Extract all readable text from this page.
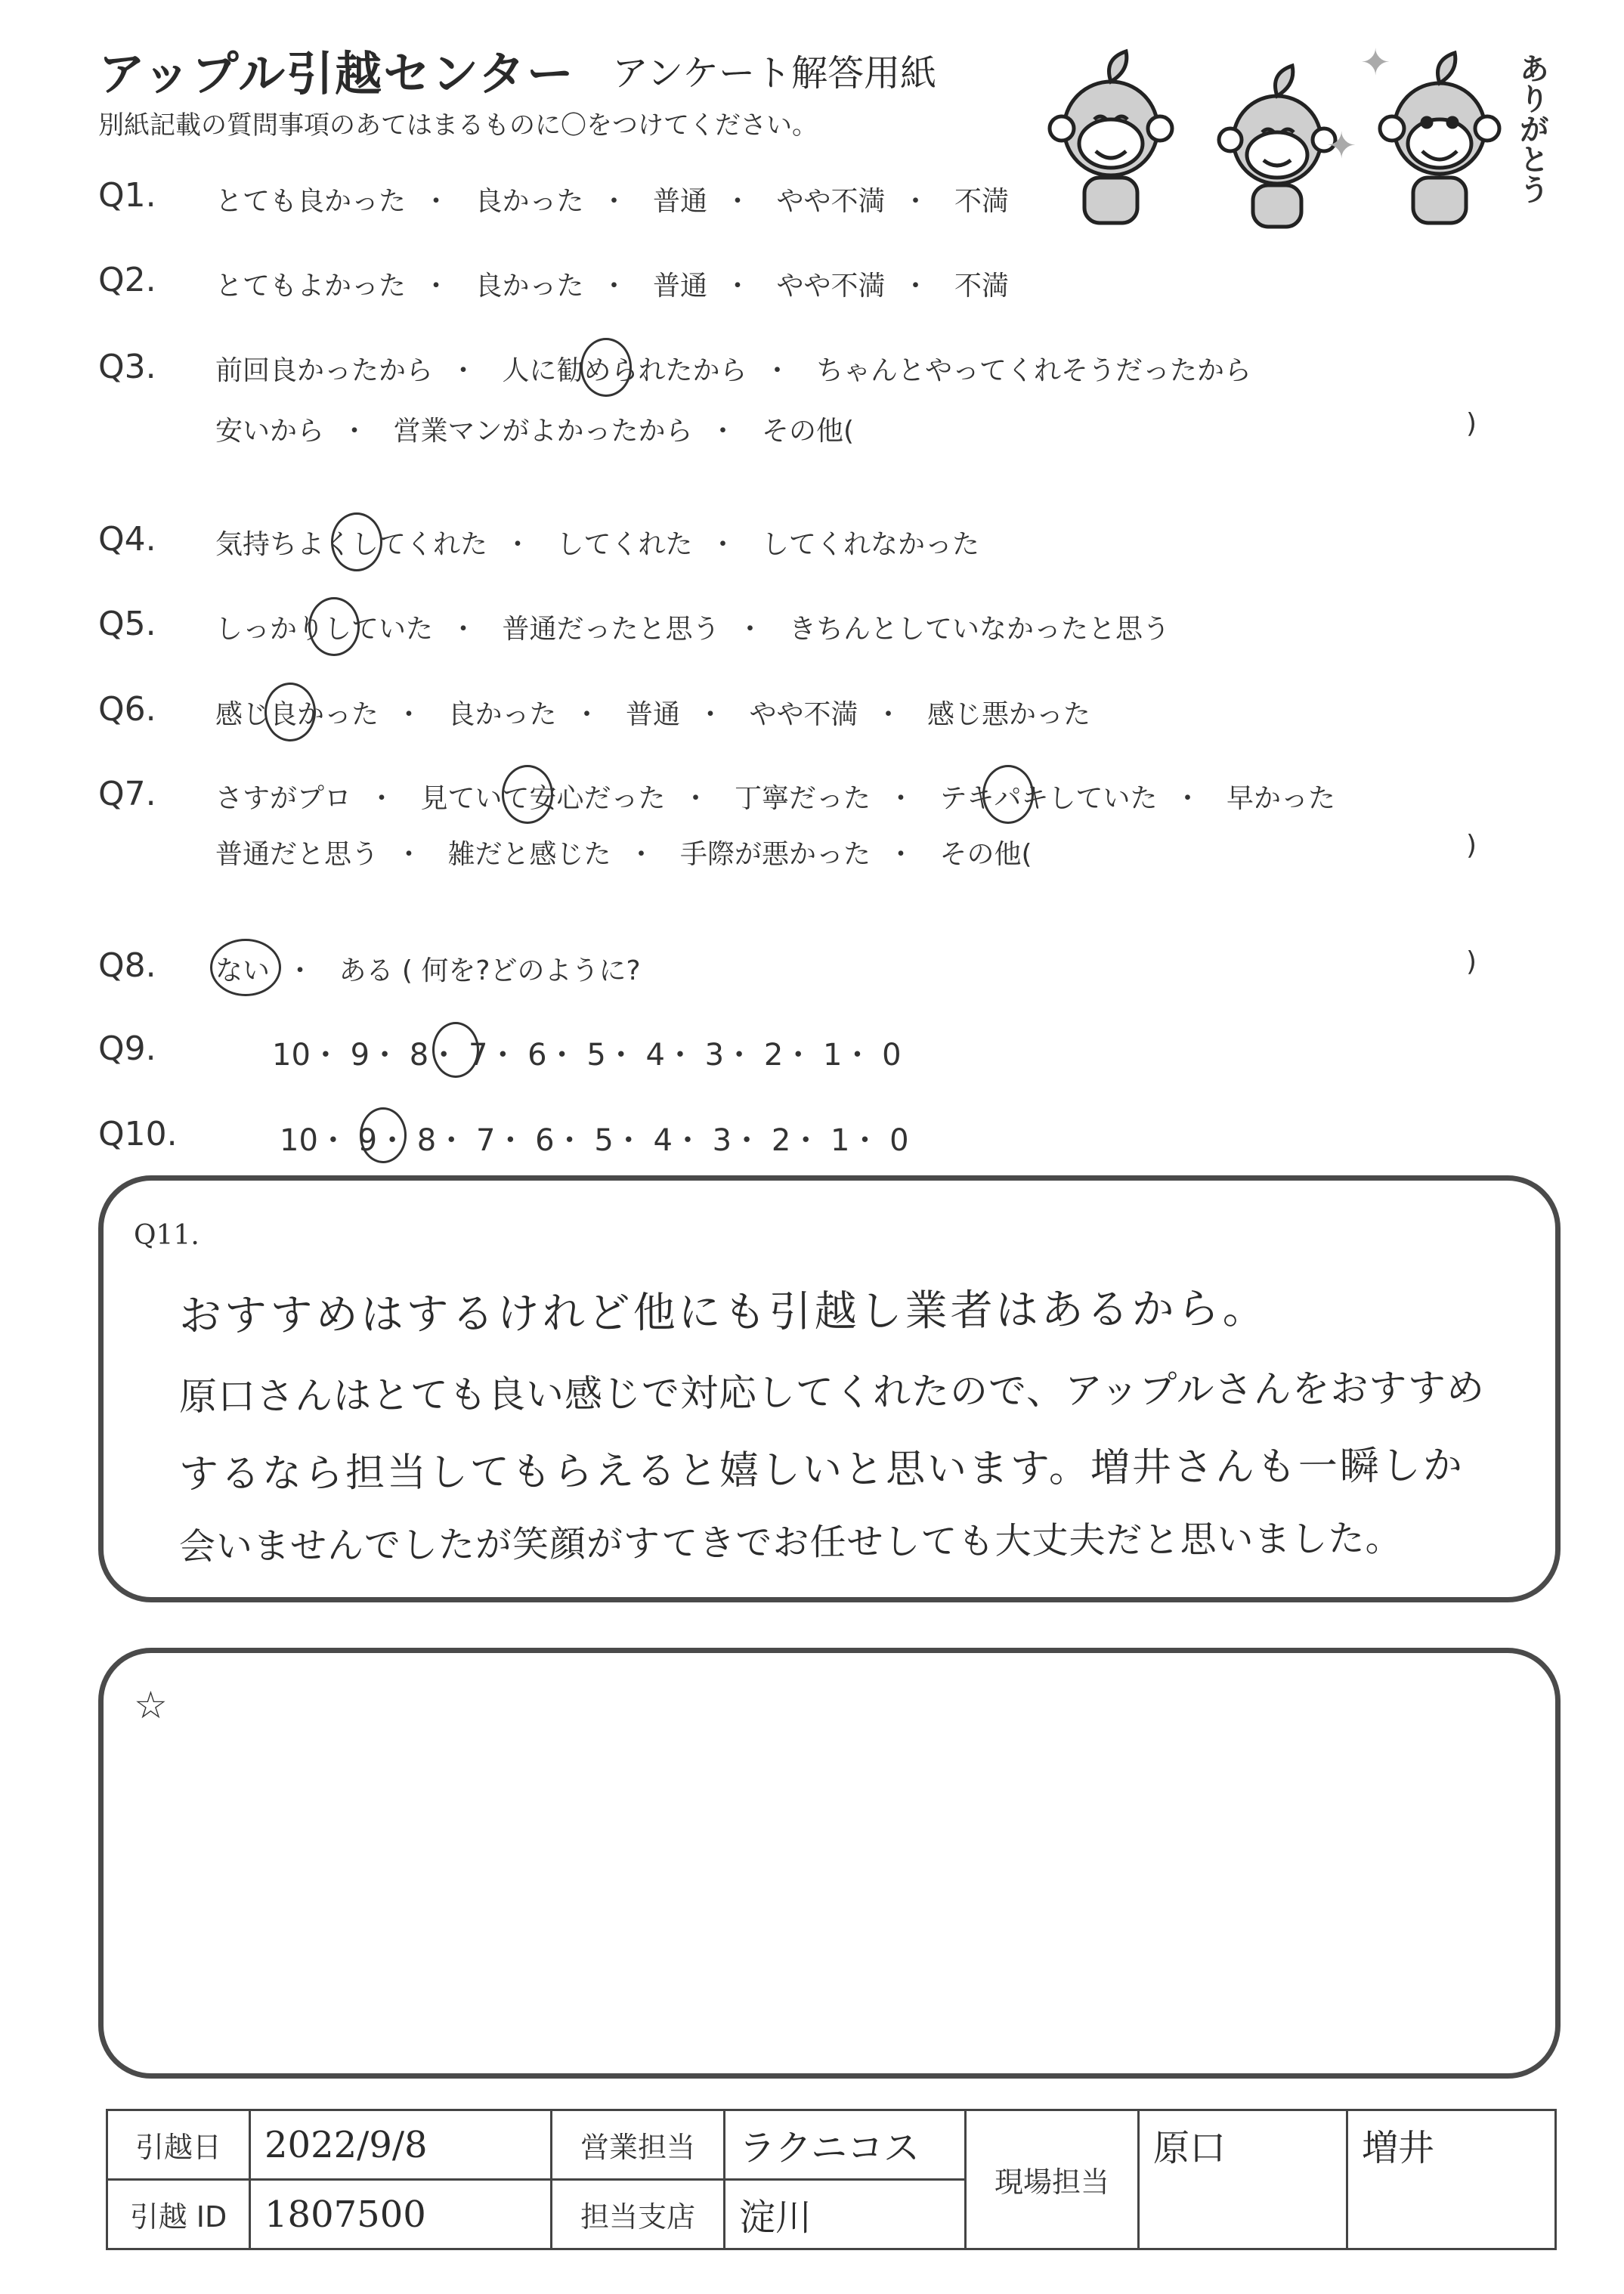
アップル引越センター アンケート解答用紙
別紙記載の質問事項のあてはまるものに〇をつけてください。
✦
✦	ありがとう
Q1. とても良かった ・ 良かった ・ 普通 ・ やや不満 ・ 不満
Q2. とてもよかった ・ 良かった ・ 普通 ・ やや不満 ・ 不満
Q3. 前回良かったから ・ 人に勧められたから ・ ちゃんとやってくれそうだったから
安いから ・ 営業マンがよかったから ・ その他(	)
Q4. 気持ちよくしてくれた ・ してくれた ・ してくれなかった
Q5. しっかりしていた ・ 普通だったと思う ・ きちんとしていなかったと思う
Q6. 感じ良かった ・ 良かった ・ 普通 ・ やや不満 ・ 感じ悪かった
Q7. さすがプロ ・ 見ていて安心だった ・ 丁寧だった ・ テキパキしていた ・ 早かった
普通だと思う ・ 雑だと感じた ・ 手際が悪かった ・ その他(	)
Q8. ない ・ ある ( 何を?どのように?	)
Q9.	10・ 9・ 8・ 7・ 6・ 5・ 4・ 3・ 2・ 1・ 0
Q10.	10・ 9・ 8・ 7・ 6・ 5・ 4・ 3・ 2・ 1・ 0
Q11.
おすすめはするけれど他にも引越し業者はあるから。
原口さんはとても良い感じで対応してくれたので、アップルさんをおすすめ
するなら担当してもらえると嬉しいと思います。増井さんも一瞬しか
会いませんでしたが笑顔がすてきでお任せしても大丈夫だと思いました。
☆
引越日	2022/9/8	営業担当	ラクニコス	現場担当	原口	増井
引越 ID	1807500	担当支店	淀川			
